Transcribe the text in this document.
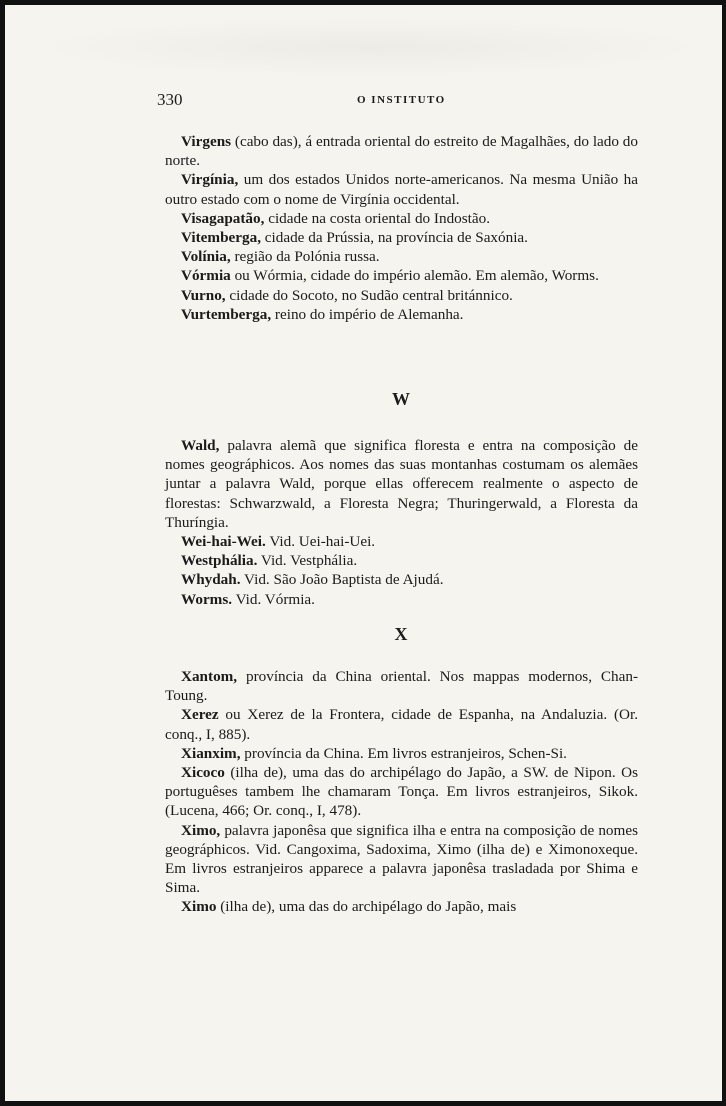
330	O INSTITUTO

Virgens (cabo das), á entrada oriental do estreito de Magalhães, do lado do norte.

Virgínia, um dos estados Unidos norte-americanos. Na mesma União ha outro estado com o nome de Virgínia occidental.

Visagapatão, cidade na costa oriental do Indostão.

Vitemberga, cidade da Prússia, na província de Saxónia.

Volínia, região da Polónia russa.

Vórmia ou Wórmia, cidade do império alemão. Em alemão, Worms.

Vurno, cidade do Socoto, no Sudão central británnico.

Vurtemberga, reino do império de Alemanha.

W

Wald, palavra alemã que significa floresta e entra na composição de nomes geográphicos. Aos nomes das suas montanhas costumam os alemães juntar a palavra Wald, porque ellas offerecem realmente o aspecto de florestas: Schwarzwald, a Floresta Negra; Thuringerwald, a Floresta da Thuríngia.

Wei-hai-Wei. Vid. Uei-hai-Uei.

Westphália. Vid. Vestphália.

Whydah. Vid. São João Baptista de Ajudá.

Worms. Vid. Vórmia.

X

Xantom, província da China oriental. Nos mappas modernos, Chan-Toung.

Xerez ou Xerez de la Frontera, cidade de Espanha, na Andaluzia. (Or. conq., I, 885).

Xianxim, província da China. Em livros estranjeiros, Schen-Si.

Xicoco (ilha de), uma das do archipélago do Japão, a SW. de Nipon. Os portuguêses tambem lhe chamaram Tonça. Em livros estranjeiros, Sikok. (Lucena, 466; Or. conq., I, 478).

Ximo, palavra japonêsa que significa ilha e entra na composição de nomes geográphicos. Vid. Cangoxima, Sadoxima, Ximo (ilha de) e Ximonoxeque. Em livros estranjeiros apparece a palavra japonêsa trasladada por Shima e Sima.

Ximo (ilha de), uma das do archipélago do Japão, mais
